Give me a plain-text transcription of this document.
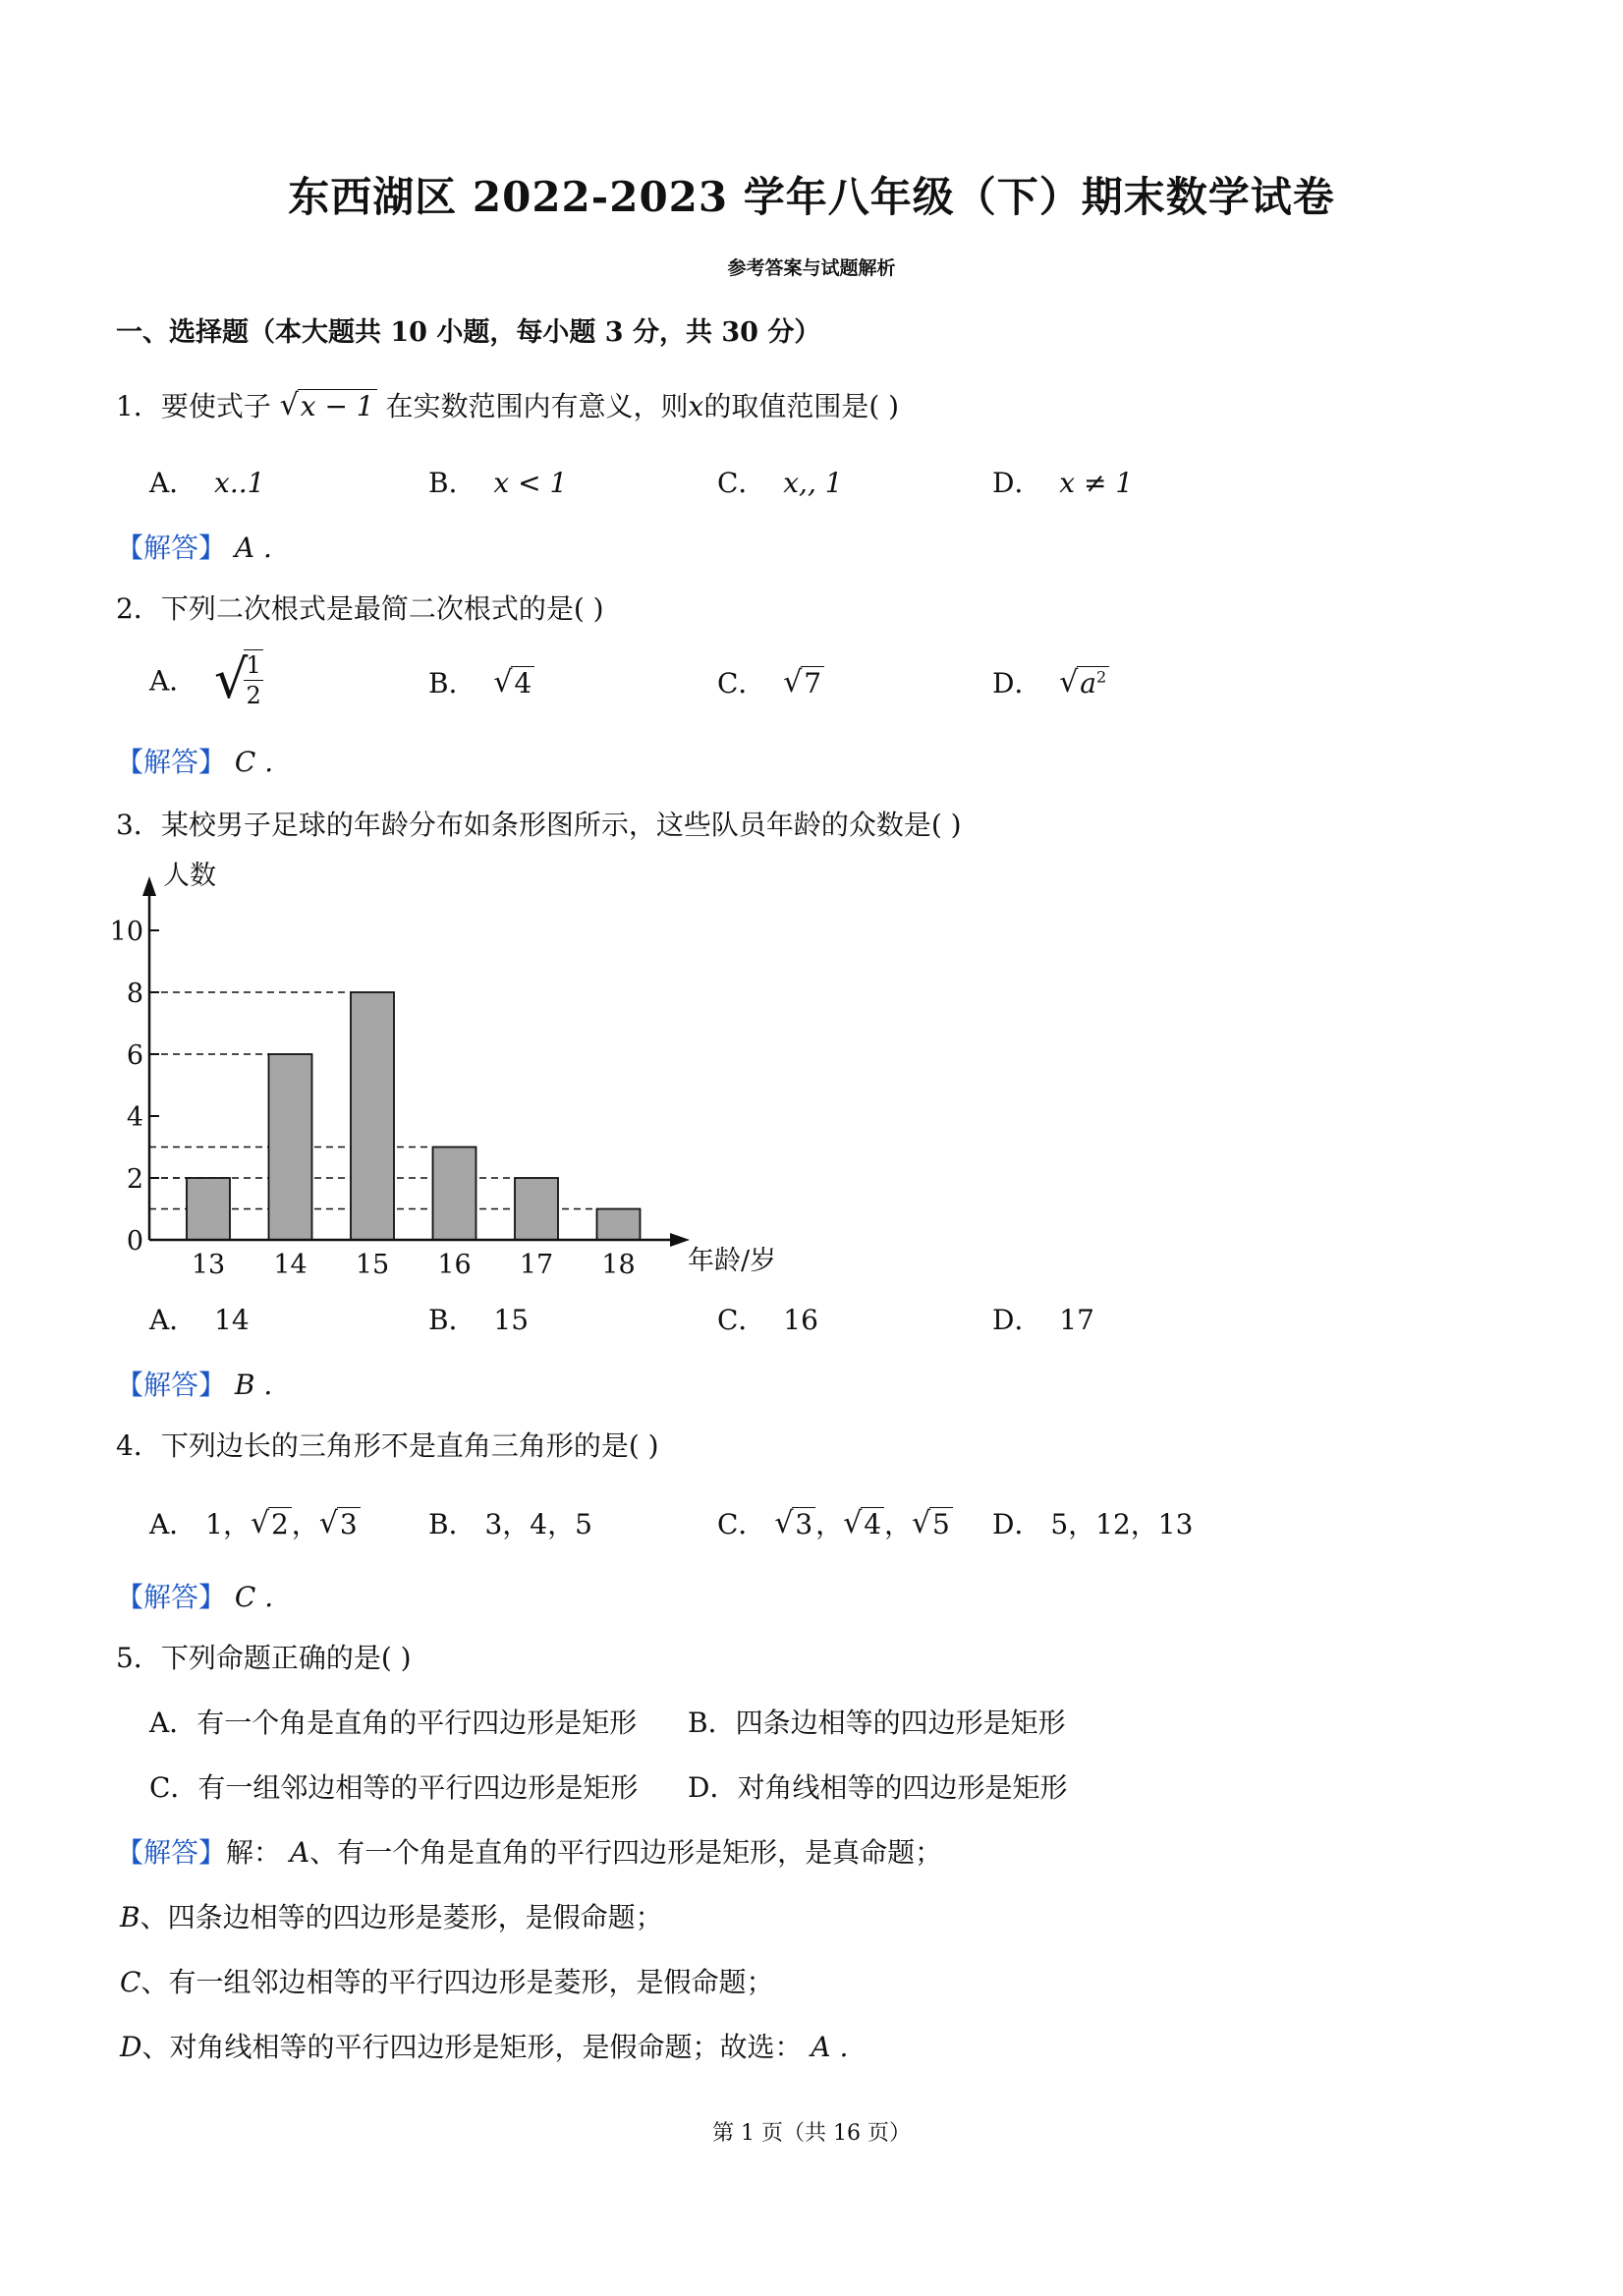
东西湖区 2022-2023 学年八年级（下）期末数学试卷
参考答案与试题解析
一、选择题（本大题共 10 小题，每小题 3 分，共 30 分）
1．要使式子 √ x − 1 在实数范围内有意义，则x的取值范围是( )
A． x..1	B． x < 1	C． x,, 1	D． x ≠ 1
【解答】 A .
2．下列二次根式是最简二次根式的是( )
A． √
$\frac{1}{2}$	B． √ 4	C． √ 7	D． √ $a^2$
【解答】 C .
3．某校男子足球的年龄分布如条形图所示，这些队员年龄的众数是( )
0
2
4
6
8
10
13 14 15 16 17 18
人数
年龄/岁
A． 14	B． 15	C． 16	D． 17
【解答】 B .
4．下列边长的三角形不是直角三角形的是( )
A． 1， √ 2 ， √ 3	B． 3，4，5	C． √ 3 ， √ 4 ， √ 5 D． 5，12，13
【解答】 C .
5．下列命题正确的是( )
A．有一个角是直角的平行四边形是矩形 B．四条边相等的四边形是矩形
C．有一组邻边相等的平行四边形是矩形 D．对角线相等的四边形是矩形
【解答】解： A、有一个角是直角的平行四边形是矩形，是真命题；
B、四条边相等的四边形是菱形，是假命题；
C、有一组邻边相等的平行四边形是菱形，是假命题；
D、对角线相等的平行四边形是矩形，是假命题；故选： A .
第 1 页（共 16 页）
